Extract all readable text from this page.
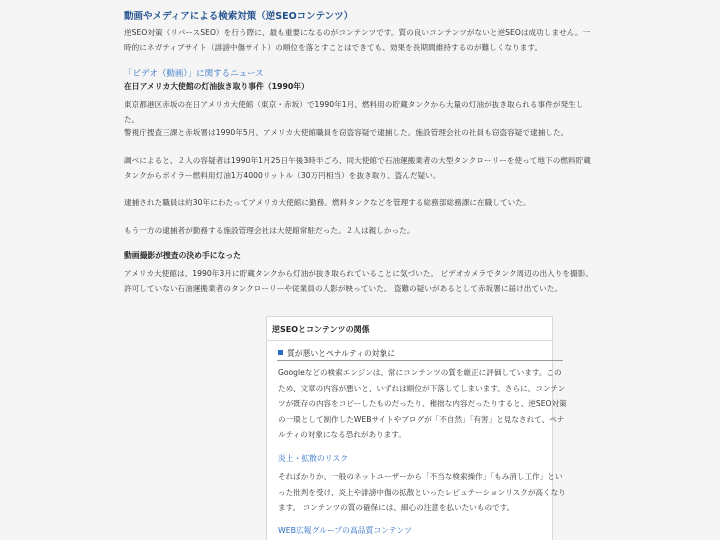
動画やメディアによる検索対策（逆SEOコンテンツ）
逆SEO対策（リバースSEO）を行う際に、最も重要になるのがコンテンツです。質の良いコンテンツがないと逆SEOは成功しません。一時的にネガティブサイト（誹謗中傷サイト）の順位を落とすことはできても、効果を長期間維持するのが難しくなります。
「ビデオ（動画）」に関するニュース
在日アメリカ大使館の灯油抜き取り事件（1990年）
東京都港区赤坂の在日アメリカ大使館（東京・赤坂）で1990年1月、燃料用の貯蔵タンクから大量の灯油が抜き取られる事件が発生した。
警視庁捜査三課と赤坂署は1990年5月、アメリカ大使館職員を窃盗容疑で逮捕した。施設管理会社の社員も窃盗容疑で逮捕した。
調べによると、２人の容疑者は1990年1月25日午後3時半ごろ、同大使館で石油運搬業者の大型タンクローリーを使って地下の燃料貯蔵タンクからボイラー燃料用灯油1万4000リットル（30万円相当）を抜き取り、盗んだ疑い。
逮捕された職員は約30年にわたってアメリカ大使館に勤務。燃料タンクなどを管理する総務部総務課に在職していた。
もう一方の逮捕者が勤務する施設管理会社は大使館常駐だった。２人は親しかった。
動画撮影が捜査の決め手になった
アメリカ大使館は、1990年3月に貯蔵タンクから灯油が抜き取られていることに気づいた。 ビデオカメラでタンク周辺の出入りを撮影。許可していない石油運搬業者のタンクローリーや従業員の人影が映っていた。 盗難の疑いがあるとして赤坂署に届け出ていた。
逆SEOとコンテンツの関係
質が悪いとペナルティの対象に
Googleなどの検索エンジンは、常にコンテンツの質を厳正に評価しています。このため、文章の内容が悪いと、いずれは順位が下落してしまいます。さらに、コンテンツが既存の内容をコピーしたものだったり、稚拙な内容だったりすると、逆SEO対策の一環として制作したWEBサイトやブログが「不自然」「有害」と見なされて、ペナルティの対象になる恐れがあります。
炎上・拡散のリスク
そればかりか、一般のネットユーザーから「不当な検索操作」「もみ消し工作」といった批判を受け、炎上や誹謗中傷の拡散といったレピュテーションリスクが高くなります。 コンテンツの質の確保には、細心の注意を払いたいものです。
WEB広報グループの高品質コンテンツ
